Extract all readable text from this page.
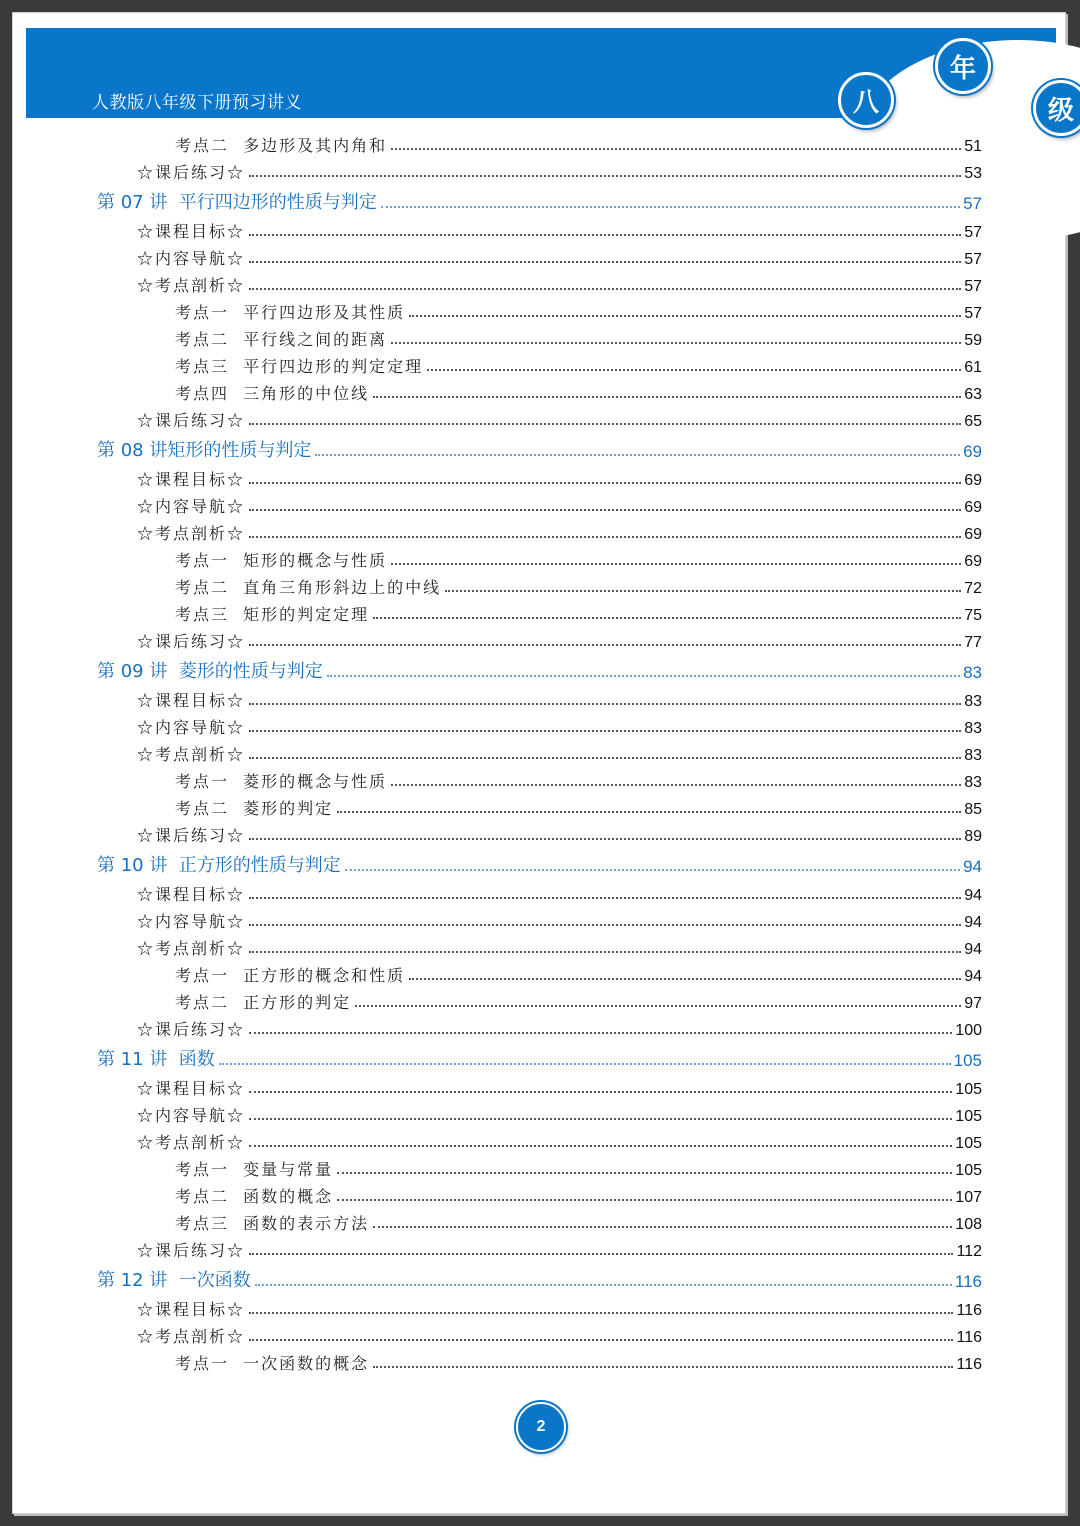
人教版八年级下册预习讲义	八
年
级
考点二  多边形及其内角和	51
☆课后练习☆	53
第 07 讲  平行四边形的性质与判定	57
☆课程目标☆	57
☆内容导航☆	57
☆考点剖析☆	57
考点一  平行四边形及其性质	57
考点二  平行线之间的距离	59
考点三  平行四边形的判定定理	61
考点四  三角形的中位线	63
☆课后练习☆	65
第 08 讲矩形的性质与判定	69
☆课程目标☆	69
☆内容导航☆	69
☆考点剖析☆	69
考点一  矩形的概念与性质	69
考点二  直角三角形斜边上的中线	72
考点三  矩形的判定定理	75
☆课后练习☆	77
第 09 讲  菱形的性质与判定	83
☆课程目标☆	83
☆内容导航☆	83
☆考点剖析☆	83
考点一  菱形的概念与性质	83
考点二  菱形的判定	85
☆课后练习☆	89
第 10 讲  正方形的性质与判定	94
☆课程目标☆	94
☆内容导航☆	94
☆考点剖析☆	94
考点一  正方形的概念和性质	94
考点二  正方形的判定	97
☆课后练习☆	100
第 11 讲  函数	105
☆课程目标☆	105
☆内容导航☆	105
☆考点剖析☆	105
考点一  变量与常量	105
考点二  函数的概念	107
考点三  函数的表示方法	108
☆课后练习☆	112
第 12 讲  一次函数	116
☆课程目标☆	116
☆考点剖析☆	116
考点一  一次函数的概念	116
2
